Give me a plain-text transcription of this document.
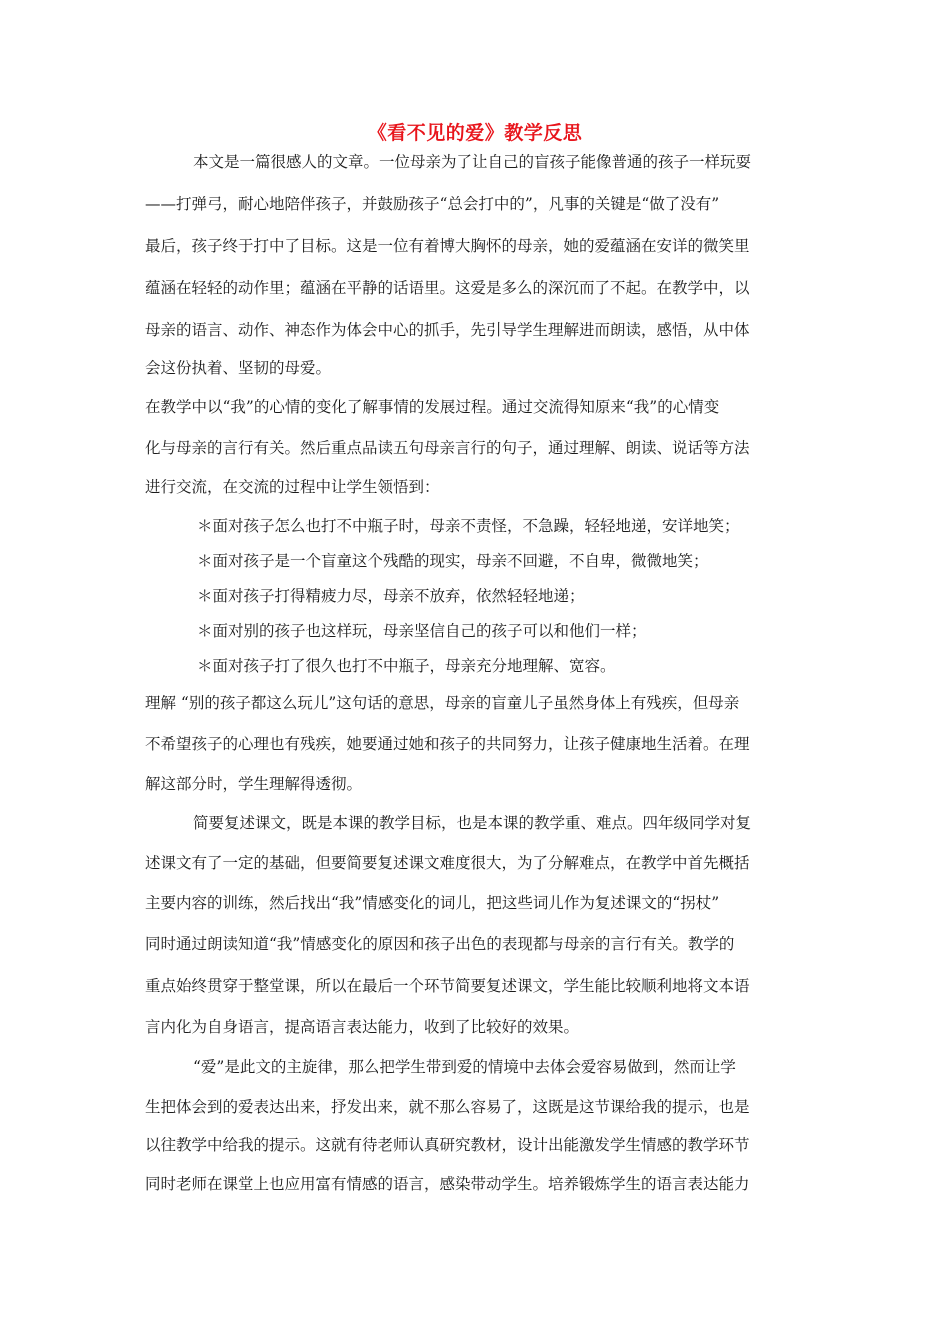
《看不见的爱》教学反思
本文是一篇很感人的文章。一位母亲为了让自己的盲孩子能像普通的孩子一样玩耍
——打弹弓，耐心地陪伴孩子，并鼓励孩子“总会打中的”，凡事的关键是“做了没有”
最后，孩子终于打中了目标。这是一位有着博大胸怀的母亲，她的爱蕴涵在安详的微笑里
蕴涵在轻轻的动作里；蕴涵在平静的话语里。这爱是多么的深沉而了不起。在教学中，以
母亲的语言、动作、神态作为体会中心的抓手，先引导学生理解进而朗读，感悟，从中体
会这份执着、坚韧的母爱。
在教学中以“我”的心情的变化了解事情的发展过程。通过交流得知原来“我”的心情变
化与母亲的言行有关。然后重点品读五句母亲言行的句子，通过理解、朗读、说话等方法
进行交流，在交流的过程中让学生领悟到：
＊面对孩子怎么也打不中瓶子时，母亲不责怪，不急躁，轻轻地递，安详地笑；
＊面对孩子是一个盲童这个残酷的现实，母亲不回避，不自卑，微微地笑；
＊面对孩子打得精疲力尽，母亲不放弃，依然轻轻地递；
＊面对别的孩子也这样玩，母亲坚信自己的孩子可以和他们一样；
＊面对孩子打了很久也打不中瓶子，母亲充分地理解、宽容。
理解 “别的孩子都这么玩儿”这句话的意思，母亲的盲童儿子虽然身体上有残疾，但母亲
不希望孩子的心理也有残疾，她要通过她和孩子的共同努力，让孩子健康地生活着。在理
解这部分时，学生理解得透彻。
简要复述课文，既是本课的教学目标，也是本课的教学重、难点。四年级同学对复
述课文有了一定的基础，但要简要复述课文难度很大，为了分解难点，在教学中首先概括
主要内容的训练，然后找出“我”情感变化的词儿，把这些词儿作为复述课文的“拐杖”
同时通过朗读知道“我”情感变化的原因和孩子出色的表现都与母亲的言行有关。教学的
重点始终贯穿于整堂课，所以在最后一个环节简要复述课文，学生能比较顺利地将文本语
言内化为自身语言，提高语言表达能力，收到了比较好的效果。
“爱”是此文的主旋律，那么把学生带到爱的情境中去体会爱容易做到，然而让学
生把体会到的爱表达出来，抒发出来，就不那么容易了，这既是这节课给我的提示，也是
以往教学中给我的提示。这就有待老师认真研究教材，设计出能激发学生情感的教学环节
同时老师在课堂上也应用富有情感的语言，感染带动学生。培养锻炼学生的语言表达能力
